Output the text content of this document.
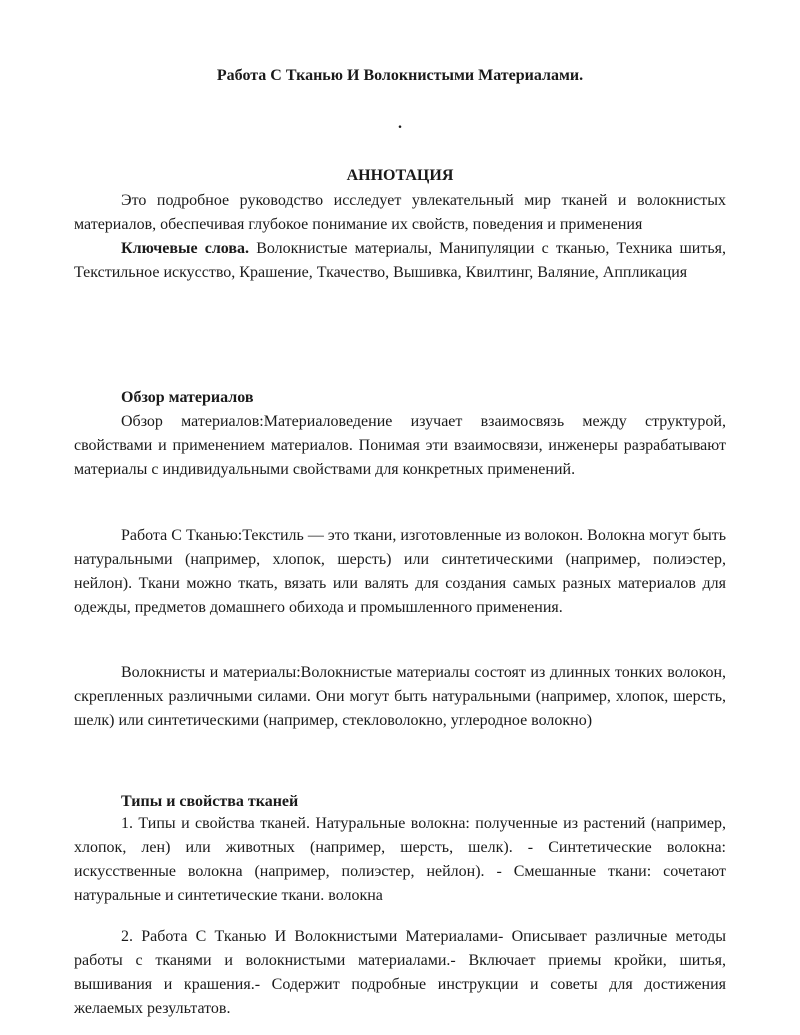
Работа С Тканью И Волокнистыми Материалами.
.
АННОТАЦИЯ

Это подробное руководство исследует увлекательный мир тканей и волокнистых материалов, обеспечивая глубокое понимание их свойств, поведения и применения

Ключевые слова. Волокнистые материалы, Манипуляции с тканью, Техника шитья, Текстильное искусство, Крашение, Ткачество, Вышивка, Квилтинг, Валяние, Аппликация

Обзор материалов

Обзор материалов:Материаловедение изучает взаимосвязь между структурой, свойствами и применением материалов. Понимая эти взаимосвязи, инженеры разрабатывают материалы с индивидуальными свойствами для конкретных применений.

Работа С Тканью:Текстиль — это ткани, изготовленные из волокон. Волокна могут быть натуральными (например, хлопок, шерсть) или синтетическими (например, полиэстер, нейлон). Ткани можно ткать, вязать или валять для создания самых разных материалов для одежды, предметов домашнего обихода и промышленного применения.

Волокнисты и материалы:Волокнистые материалы состоят из длинных тонких волокон, скрепленных различными силами. Они могут быть натуральными (например, хлопок, шерсть, шелк) или синтетическими (например, стекловолокно, углеродное волокно)

Типы и свойства тканей

1. Типы и свойства тканей. Натуральные волокна: полученные из растений (например, хлопок, лен) или животных (например, шерсть, шелк). - Синтетические волокна: искусственные волокна (например, полиэстер, нейлон). - Смешанные ткани: сочетают натуральные и синтетические ткани. волокна

2. Работа С Тканью И Волокнистыми Материалами- Описывает различные методы работы с тканями и волокнистыми материалами.- Включает приемы кройки, шитья, вышивания и крашения.- Содержит подробные инструкции и советы для достижения желаемых результатов.
